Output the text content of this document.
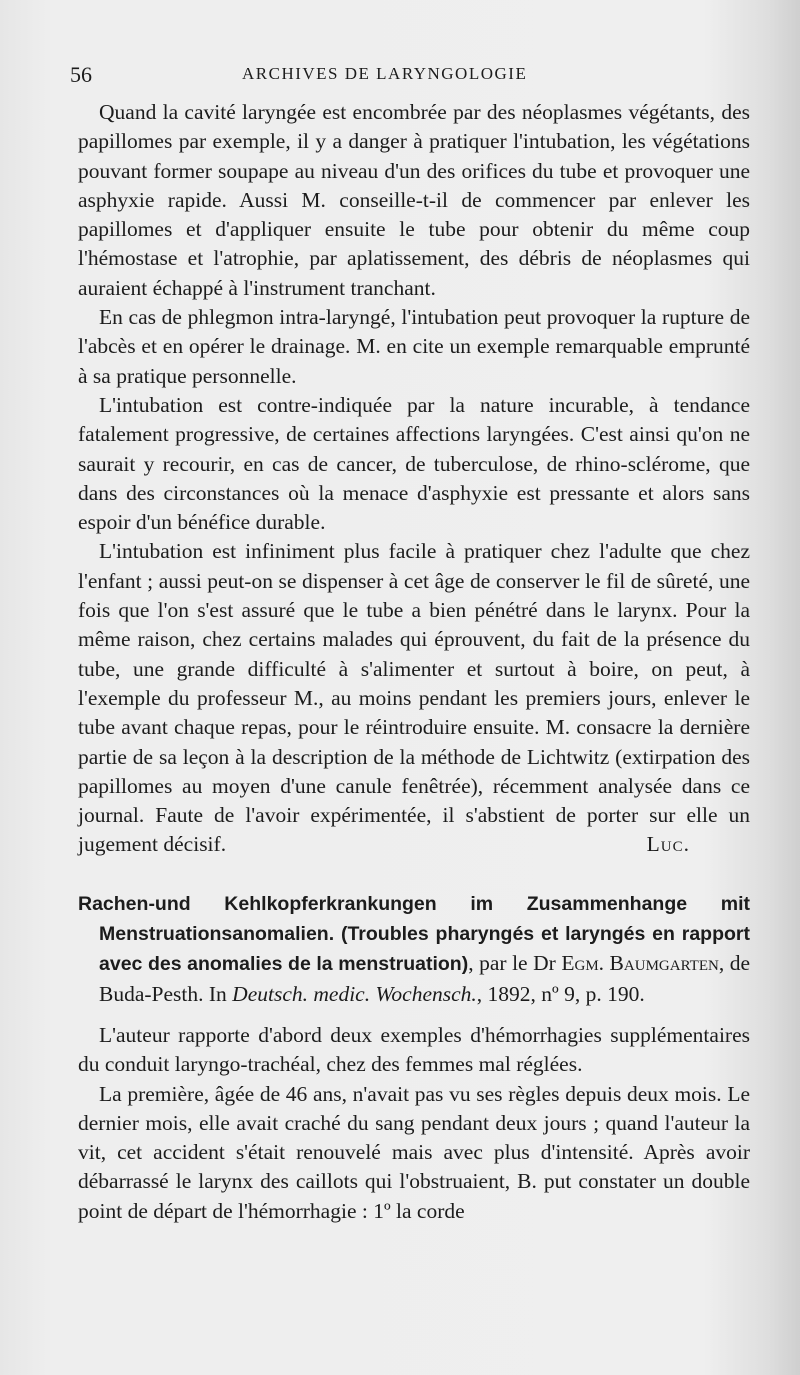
56	ARCHIVES DE LARYNGOLOGIE

Quand la cavité laryngée est encombrée par des néoplasmes végétants, des papillomes par exemple, il y a danger à pratiquer l'intubation, les végétations pouvant former soupape au niveau d'un des orifices du tube et provoquer une asphyxie rapide. Aussi M. conseille-t-il de commencer par enlever les papillomes et d'appliquer ensuite le tube pour obtenir du même coup l'hémostase et l'atrophie, par aplatissement, des débris de néoplasmes qui auraient échappé à l'instrument tranchant.

En cas de phlegmon intra-laryngé, l'intubation peut provoquer la rupture de l'abcès et en opérer le drainage. M. en cite un exemple remarquable emprunté à sa pratique personnelle.

L'intubation est contre-indiquée par la nature incurable, à tendance fatalement progressive, de certaines affections laryngées. C'est ainsi qu'on ne saurait y recourir, en cas de cancer, de tuberculose, de rhino-sclérome, que dans des circonstances où la menace d'asphyxie est pressante et alors sans espoir d'un bénéfice durable.

L'intubation est infiniment plus facile à pratiquer chez l'adulte que chez l'enfant ; aussi peut-on se dispenser à cet âge de conserver le fil de sûreté, une fois que l'on s'est assuré que le tube a bien pénétré dans le larynx. Pour la même raison, chez certains malades qui éprouvent, du fait de la présence du tube, une grande difficulté à s'alimenter et surtout à boire, on peut, à l'exemple du professeur M., au moins pendant les premiers jours, enlever le tube avant chaque repas, pour le réintroduire ensuite. M. consacre la dernière partie de sa leçon à la description de la méthode de Lichtwitz (extirpation des papillomes au moyen d'une canule fenêtrée), récemment analysée dans ce journal. Faute de l'avoir expérimentée, il s'abstient de porter sur elle un jugement décisif.	Luc.

Rachen-und Kehlkopferkrankungen im Zusammenhange mit Menstruationsanomalien. (Troubles pharyngés et laryngés en rapport avec des anomalies de la menstruation), par le Dr Egm. Baumgarten, de Buda-Pesth. In Deutsch. medic. Wochensch., 1892, nº 9, p. 190.

L'auteur rapporte d'abord deux exemples d'hémorrhagies supplémentaires du conduit laryngo-trachéal, chez des femmes mal réglées.

La première, âgée de 46 ans, n'avait pas vu ses règles depuis deux mois. Le dernier mois, elle avait craché du sang pendant deux jours ; quand l'auteur la vit, cet accident s'était renouvelé mais avec plus d'intensité. Après avoir débarrassé le larynx des caillots qui l'obstruaient, B. put constater un double point de départ de l'hémorrhagie : 1º la corde
